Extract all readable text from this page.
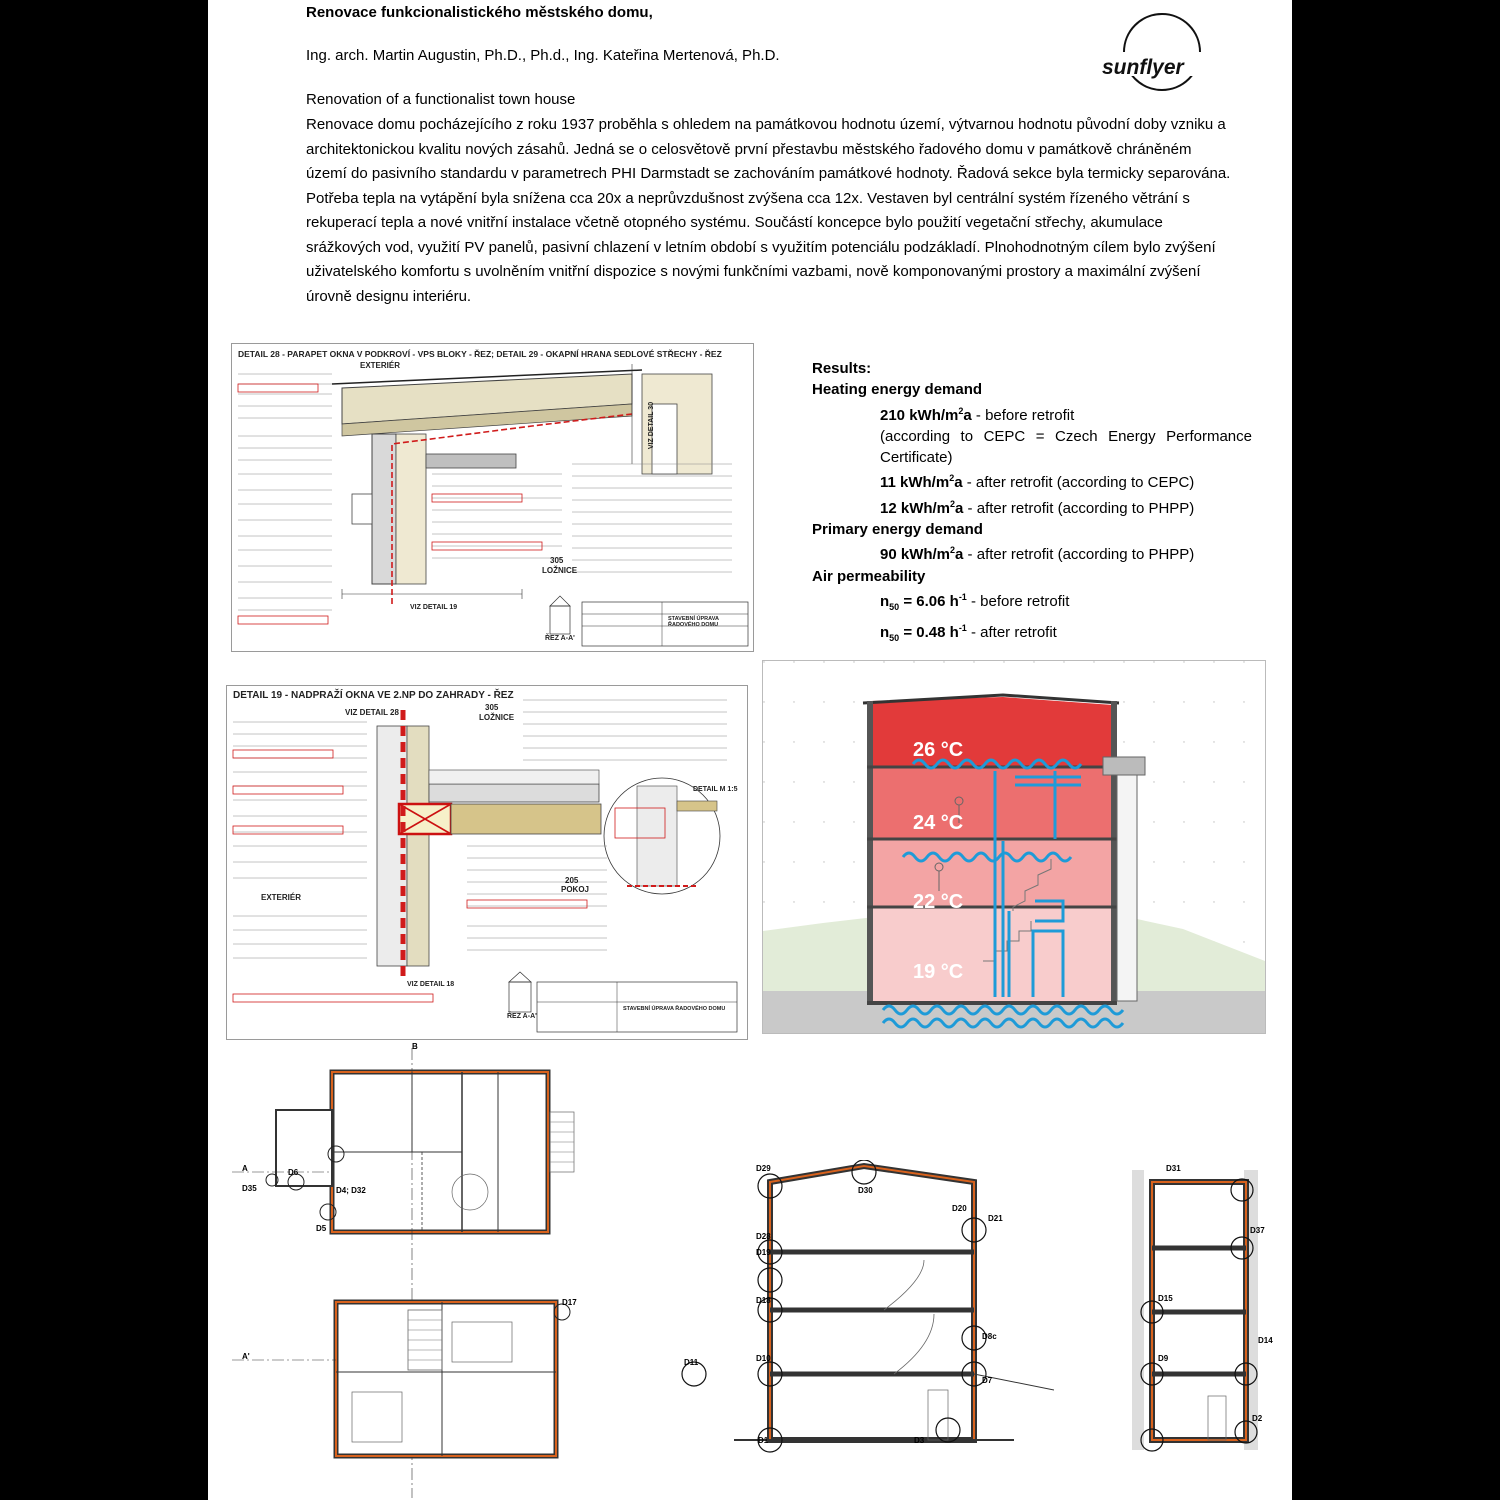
Renovace funkcionalistického městského domu,
Ing. arch. Martin Augustin, Ph.D., Ph.d., Ing. Kateřina Mertenová, Ph.D.
Renovation of a functionalist town house
Renovace domu pocházejícího z roku 1937 proběhla s ohledem na památkovou hodnotu území, výtvarnou hodnotu původní doby vzniku a architektonickou kvalitu nových zásahů. Jedná se o celosvětově první přestavbu městského řadového domu v památkově chráněném území do pasivního standardu v parametrech PHI Darmstadt se zachováním památkové hodnoty. Řadová sekce byla termicky separována. Potřeba tepla na vytápění byla snížena cca 20x a neprůvzdušnost zvýšena cca 12x. Vestaven byl centrální systém řízeného větrání s rekuperací tepla a nové vnitřní instalace včetně otopného systému. Součástí koncepce bylo použití vegetační střechy, akumulace srážkových vod, využití PV panelů, pasivní chlazení v letním období s využitím potenciálu podzákladí. Plnohodnotným cílem bylo zvýšení uživatelského komfortu s uvolněním vnitřní dispozice s novými funkčními vazbami, nově komponovanými prostory a maximální zvýšení úrovně designu interiéru.
sunflyer
DETAIL 28 - PARAPET OKNA V PODKROVÍ - VPS BLOKY - ŘEZ; DETAIL 29 - OKAPNÍ HRANA SEDLOVÉ STŘECHY - ŘEZ
EXTERIÉR
VIZ DETAIL 30
VIZ DETAIL 19
305
LOŽNICE
ŘEZ A-A'
STAVEBNÍ ÚPRAVA ŘADOVÉHO DOMU
Results:
Heating energy demand
210 kWh/$m^2a$ - before retrofit
(according to CEPC = Czech Energy Performance Certificate)
11 kWh/$m^2a$ - after retrofit (according to CEPC)
12 kWh/$m^2a$ - after retrofit (according to PHPP)
Primary energy demand
90 kWh/$m^2a$ - after retrofit (according to PHPP)
Air permeability
$n_{50} = 6.06$ $h^{-1}$ - before retrofit
$n_{50} = 0.48$ $h^{-1}$ - after retrofit
DETAIL 19 - NADPRAŽÍ OKNA VE 2.NP DO ZAHRADY - ŘEZ
VIZ DETAIL 28
305
LOŽNICE
DETAIL M 1:5
205
POKOJ
EXTERIÉR
VIZ DETAIL 18
ŘEZ A-A'
STAVEBNÍ ÚPRAVA ŘADOVÉHO DOMU
26 °C
24 °C
22 °C
19 °C
B
A
A'
D35
D6
D4; D32
D5
D17
D29
D30
D20
D21
D28
D19
D18
D8c
D10
D11
D7
D1	D3
D31
D37
D15
D14
D9
D2
